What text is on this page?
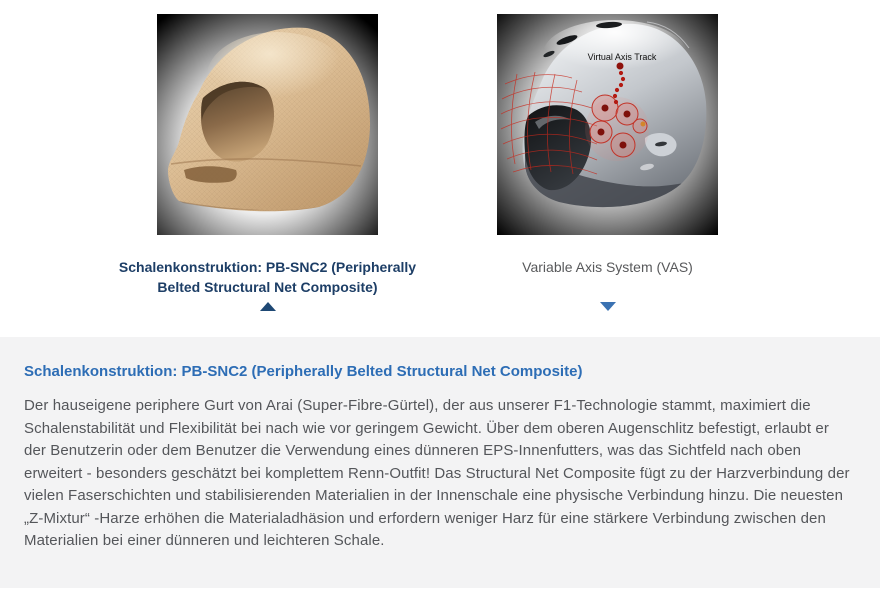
Schalenkonstruktion: PB-SNC2 (Peripherally Belted Structural Net Composite)
Virtual Axis Track
Variable Axis System (VAS)
Schalenkonstruktion: PB-SNC2 (Peripherally Belted Structural Net Composite)

Der hauseigene periphere Gurt von Arai (Super-Fibre-Gürtel), der aus unserer F1-Technologie stammt, maximiert die Schalenstabilität und Flexibilität bei nach wie vor geringem Gewicht. Über dem oberen Augenschlitz befestigt, erlaubt er der Benutzerin oder dem Benutzer die Verwendung eines dünneren EPS-Innenfutters, was das Sichtfeld nach oben erweitert - besonders geschätzt bei komplettem Renn-Outfit! Das Structural Net Composite fügt zu der Harzverbindung der vielen Faserschichten und stabilisierenden Materialien in der Innenschale eine physische Verbindung hinzu. Die neuesten „Z-Mixtur“ -Harze erhöhen die Materialadhäsion und erfordern weniger Harz für eine stärkere Verbindung zwischen den Materialien bei einer dünneren und leichteren Schale.
